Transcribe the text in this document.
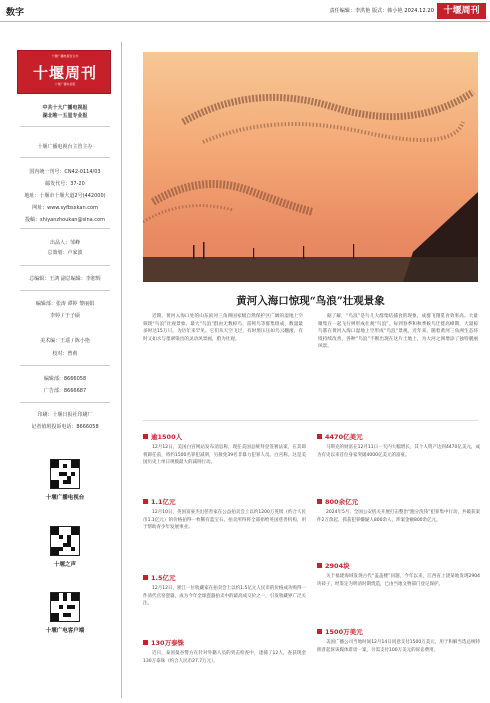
数字	责任编辑：李洪艳 版式：韩小艳 2024.12.20	十堰周刊
十堰广播电视台主办
十堰周刊
十堰广播电视报
中共十大广播电视报
湖北唯一五星专业报
十堰广播电视台主管主办
国内统一刊号：CN42-0114/03
邮发代号：37-20
地址：十堰市十堰大道2号(442000)
网址：www.syfbsxkan.com
投稿：shiyanzhoukan@sina.com
出品人：邹峰
总策划：卢家波
总编辑：王鸿 副总编辑：李恕辉
编辑部：张涛 谭婷 黎丽娟
李婷 / 于子硕
美术编：王遥 / 陈小艳
校对：曾莉
编辑部：8666058
广告部：8666687
印刷：十堰日报社印刷厂
记者值班投诉电话：8666058
十堰广播电视台
十堰之声
十堰广电客户端
黄河入海口惊现“鸟浪”壮观景象
近期，黄河入海口处的山东滨河三角洲国家级自然保护区广阔的湿地上空频现“鸟浪”壮观景象。最大“鸟浪”群由无数椋鸟、雷鸣鸟等群集组成，数量最多时达15万只。为历年来罕见。它们从天空飞过，有时黑压压如乌云翻滚，有时又如水与墨翠染出的灵动风景画，蔚为壮观。
据了解，“鸟浪”是鸟儿大群集结捕食的现象，成群飞翔觅食效率高。大量聚集在一起飞行则形成壮观“鸟浪”。每到春季和秋季候鸟迁徙高峰期，大量椋鸟都在黄河入海口湿地上空形成“鸟浪”景观。近年来，随着黄河三角洲生态环境持续改善，各种“鸟浪”不断出现在这片土地上，为大河之洲增添了独特靓丽风景。
逾1500人
12月12日，美国白宫网站发布消息称，现任美国总统拜登签署法案，在其即将卸任前，将约1500名罪犯减刑，另赦免39名非暴力犯罪人员。白宫称，这是美国历史上单日规模最大的减刑行动。
1.1亿元
12月10日，英国富豪杰出慈善家在公益拍卖会上以约1200万英镑（约合人民币1.1亿元）的价格拍得一枚稀有蓝宝石。拍卖所得将全部捐给英国慈善机构，用于帮助青少年发展事业。
1.5亿元
12月12日，浙江一位收藏家在拍卖会上以约1.5亿元人民币的价格成功购得一件清代官窑瓷器，成为今年全球瓷器拍卖中的最高成交价之一，引发收藏界广泛关注。
130万泰铢
近日，泰国曼谷警方在针对外籍人员的突击检查中，逮捕了12人，查获现金130万泰铢（约合人民币27.7万元）。
4470亿美元
马斯克的财富在12月11日一天内大幅增长，其个人资产达到4470亿美元，成为有史以来首位身家突破4000亿美元的富豪。
800余亿元
2024年5月，全国公安机关开展打击整治“跑分洗钱”犯罪集中行动，共破获案件2万余起，抓获犯罪嫌疑人800余人，涉案金额800余亿元。
2904块
关于福建海域发现古代“盖盖楼”问题，今年以来，江西省上饶某地发现2904块砖子，经鉴定为明清时期烧造，已由当地文物部门登记保护。
1500万美元
美国广播公司当地时间12月14日同意支付1500万美元，用于和解当选总统特朗普起诉该媒体诽谤一案，另需支付100万美元的诉讼费用。
